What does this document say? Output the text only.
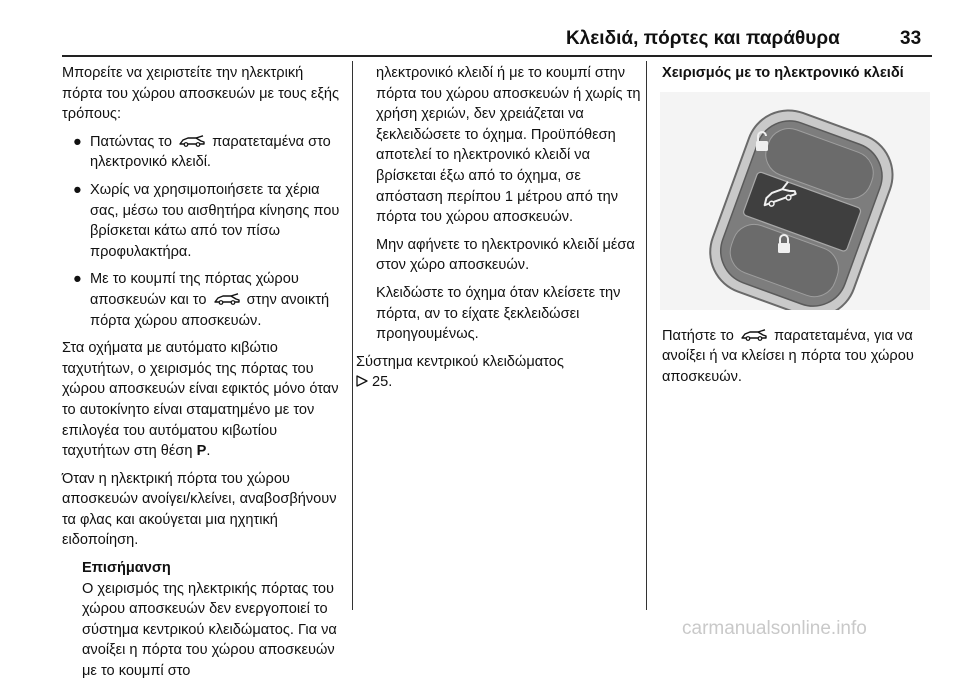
Κλειδιά, πόρτες και παράθυρα	33

Μπορείτε να χειριστείτε την ηλεκτρική πόρτα του χώρου αποσκευών με τους εξής τρόπους:

● Πατώντας το	παρατεταμένα στο ηλεκτρονικό κλειδί.
● Χωρίς να χρησιμοποιήσετε τα χέρια σας, μέσω του αισθητήρα κίνησης που βρίσκεται κάτω από τον πίσω προφυλακτήρα.
● Με το κουμπί της πόρτας χώρου αποσκευών και το	στην ανοικτή πόρτα χώρου αποσκευών.

Στα οχήματα με αυτόματο κιβώτιο ταχυτήτων, ο χειρισμός της πόρτας του χώρου αποσκευών είναι εφικτός μόνο όταν το αυτοκίνητο είναι σταματημένο με τον επιλογέα του αυτόματου κιβωτίου ταχυτήτων στη θέση P.

Όταν η ηλεκτρική πόρτα του χώρου αποσκευών ανοίγει/κλείνει, αναβοσβήνουν τα φλας και ακούγεται μια ηχητική ειδοποίηση.

Επισήμανση
Ο χειρισμός της ηλεκτρικής πόρτας του χώρου αποσκευών δεν ενεργοποιεί το σύστημα κεντρικού κλειδώματος. Για να ανοίξει η πόρτα του χώρου αποσκευών με το κουμπί στο

ηλεκτρονικό κλειδί ή με το κουμπί στην πόρτα του χώρου αποσκευών ή χωρίς τη χρήση χεριών, δεν χρειάζεται να ξεκλειδώσετε το όχημα. Προϋπόθεση αποτελεί το ηλεκτρονικό κλειδί να βρίσκεται έξω από το όχημα, σε απόσταση περίπου 1 μέτρου από την πόρτα του χώρου αποσκευών.

Μην αφήνετε το ηλεκτρονικό κλειδί μέσα στον χώρο αποσκευών.

Κλειδώστε το όχημα όταν κλείσετε την πόρτα, αν το είχατε ξεκλειδώσει προηγουμένως.

Σύστημα κεντρικού κλειδώματος
25.

Χειρισμός με το ηλεκτρονικό κλειδί

Πατήστε το	παρατεταμένα, για να ανοίξει ή να κλείσει η πόρτα του χώρου αποσκευών.

carmanualsonline.info
